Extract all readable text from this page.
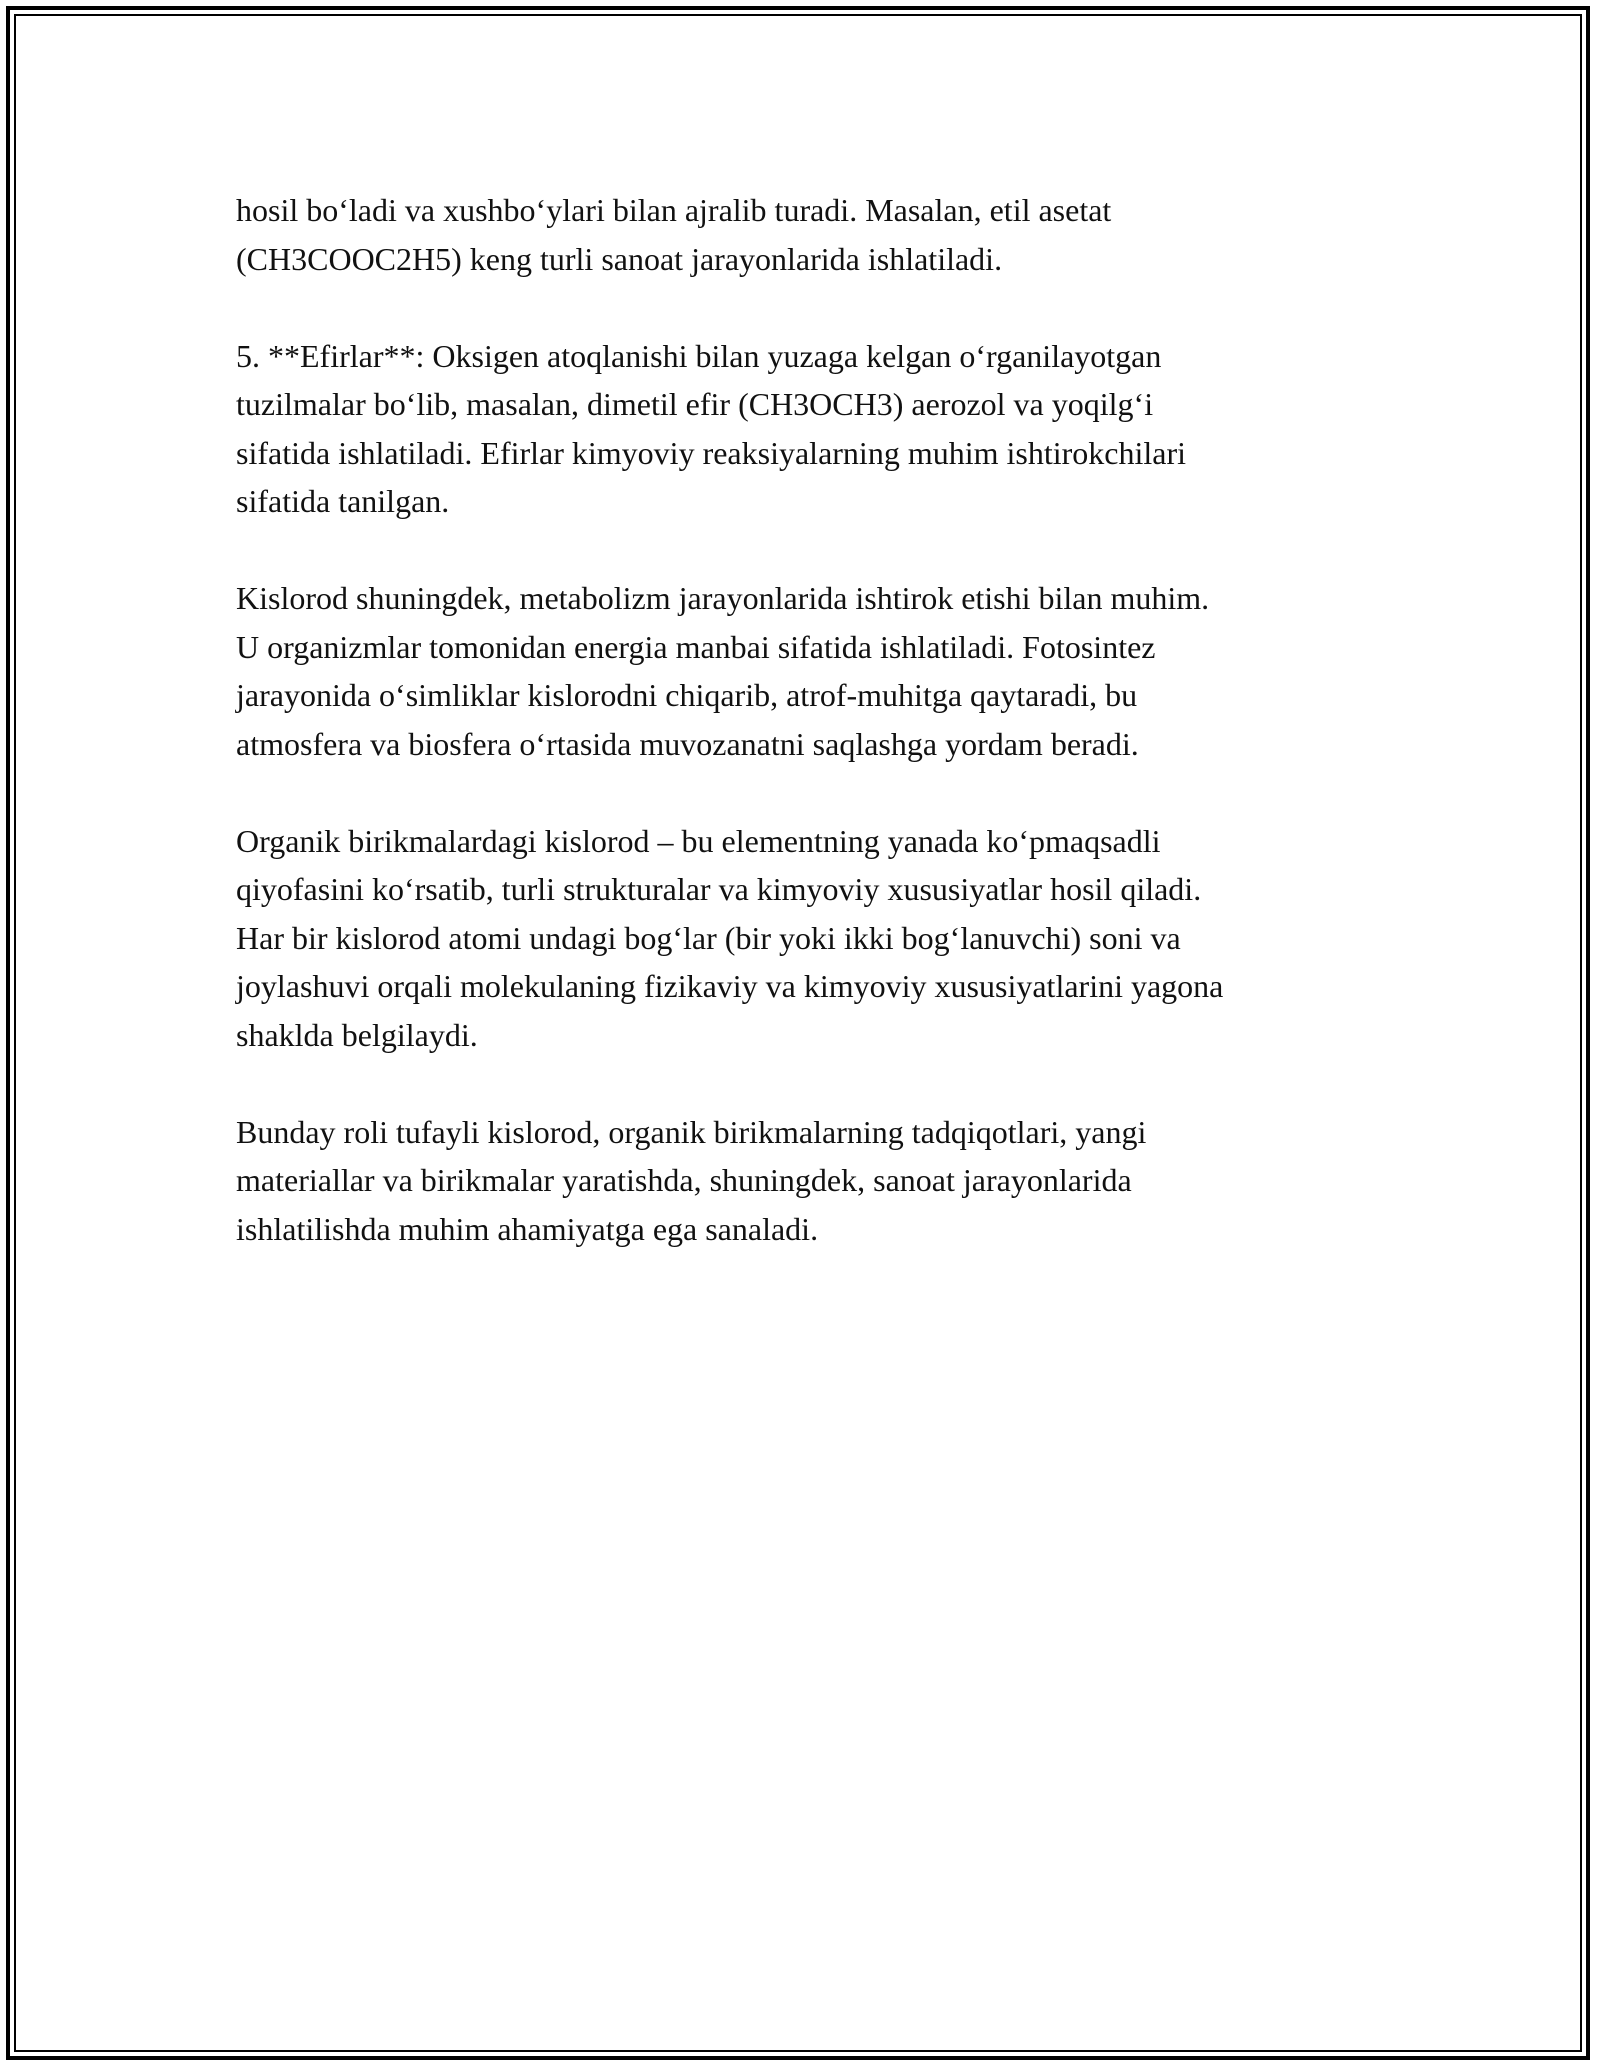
hosil bo‘ladi va xushbo‘ylari bilan ajralib turadi. Masalan, etil asetat
(CH3COOC2H5) keng turli sanoat jarayonlarida ishlatiladi.

5. **Efirlar**: Oksigen atoqlanishi bilan yuzaga kelgan o‘rganilayotgan
tuzilmalar bo‘lib, masalan, dimetil efir (CH3OCH3) aerozol va yoqilg‘i
sifatida ishlatiladi. Efirlar kimyoviy reaksiyalarning muhim ishtirokchilari
sifatida tanilgan.

Kislorod shuningdek, metabolizm jarayonlarida ishtirok etishi bilan muhim.
U organizmlar tomonidan energia manbai sifatida ishlatiladi. Fotosintez
jarayonida o‘simliklar kislorodni chiqarib, atrof-muhitga qaytaradi, bu
atmosfera va biosfera o‘rtasida muvozanatni saqlashga yordam beradi.

Organik birikmalardagi kislorod – bu elementning yanada ko‘pmaqsadli
qiyofasini ko‘rsatib, turli strukturalar va kimyoviy xususiyatlar hosil qiladi.
Har bir kislorod atomi undagi bog‘lar (bir yoki ikki bog‘lanuvchi) soni va
joylashuvi orqali molekulaning fizikaviy va kimyoviy xususiyatlarini yagona
shaklda belgilaydi.

Bunday roli tufayli kislorod, organik birikmalarning tadqiqotlari, yangi
materiallar va birikmalar yaratishda, shuningdek, sanoat jarayonlarida
ishlatilishda muhim ahamiyatga ega sanaladi.
